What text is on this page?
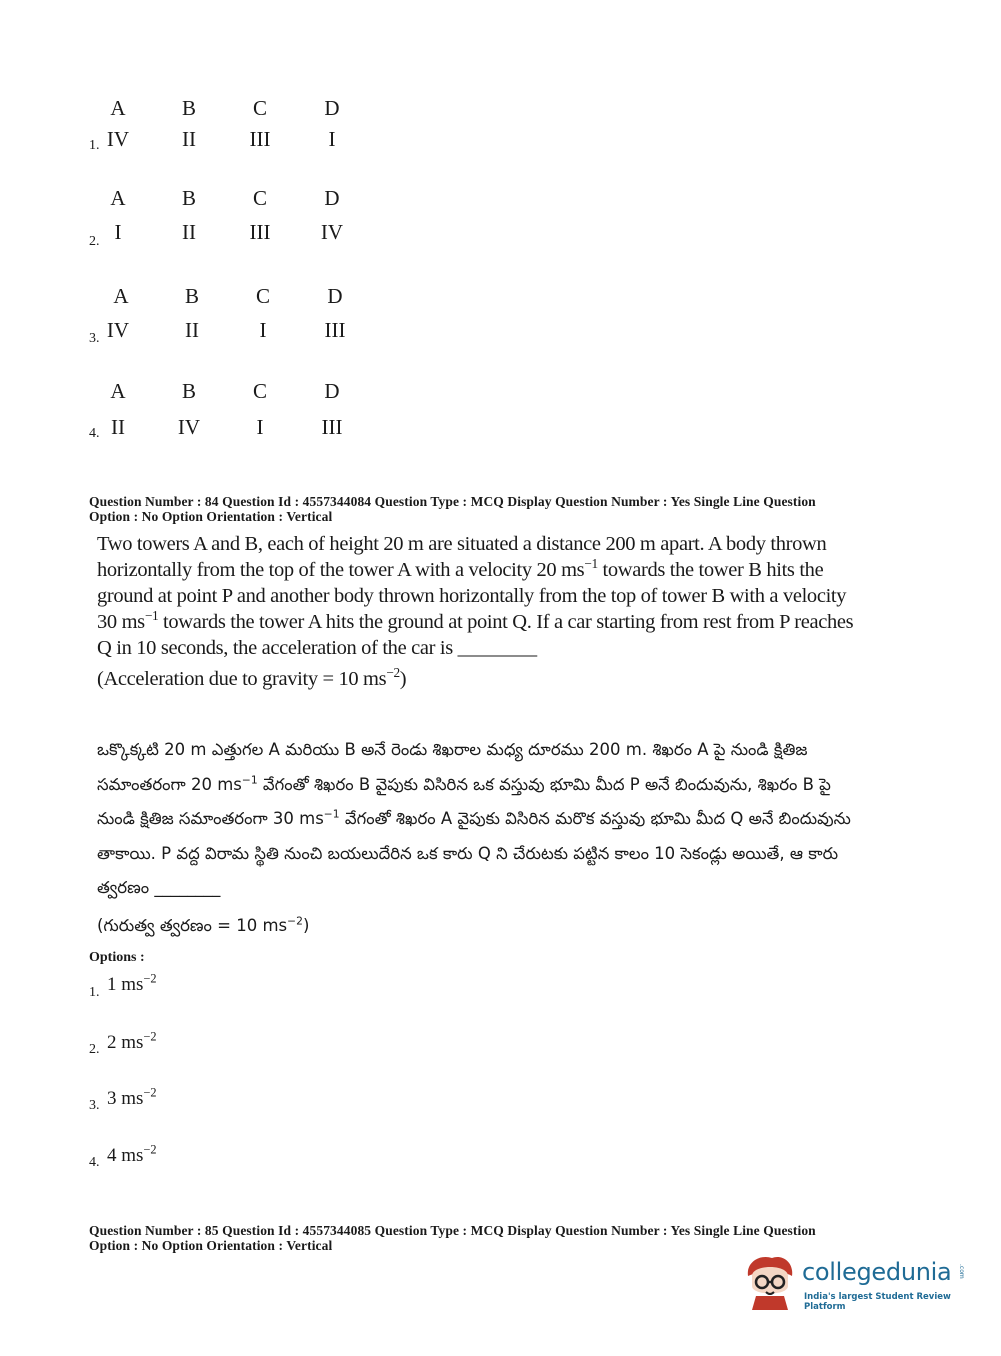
A	B	C	D
1. IV	II	III	I
A	B	C	D
2. I	II	III	IV
A	B	C	D
3. IV	II	I	III
A	B	C	D
4. II	IV	I	III
Question Number : 84 Question Id : 4557344084 Question Type : MCQ Display Question Number : Yes Single Line Question
Option : No Option Orientation : Vertical

Two towers A and B, each of height 20 m are situated a distance 200 m apart. A body thrown horizontally from the top of the tower A with a velocity 20 $ms^{-1}$ towards the tower B hits the ground at point P and another body thrown horizontally from the top of tower B with a velocity 30 $ms^{-1}$ towards the tower A hits the ground at point Q. If a car starting from rest from P reaches Q in 10 seconds, the acceleration of the car is ________

(Acceleration due to gravity = 10 $ms^{-2}$)

ఒక్కొక్కటి 20 m ఎత్తుగల A మరియు B అనే రెండు శిఖరాల మధ్య దూరము 200 m. శిఖరం A పై నుండి క్షితిజ సమాంతరంగా 20 $ms^{-1}$ వేగంతో శిఖరం B వైపుకు విసిరిన ఒక వస్తువు భూమి మీద P అనే బిందువును, శిఖరం B పై నుండి క్షితిజ సమాంతరంగా 30 $ms^{-1}$ వేగంతో శిఖరం A వైపుకు విసిరిన మరొక వస్తువు భూమి మీద Q అనే బిందువును తాకాయి. P వద్ద విరామ స్థితి నుంచి బయలుదేరిన ఒక కారు Q ని చేరుటకు పట్టిన కాలం 10 సెకండ్లు అయితే, ఆ కారు త్వరణం ________

(గురుత్వ త్వరణం = 10 $ms^{-2}$)

Options :
1. 1 $ms^{-2}$
2. 2 $ms^{-2}$
3. 3 $ms^{-2}$
4. 4 $ms^{-2}$
Question Number : 85 Question Id : 4557344085 Question Type : MCQ Display Question Number : Yes Single Line Question
Option : No Option Orientation : Vertical
collegedunia .com
India's largest Student Review Platform
